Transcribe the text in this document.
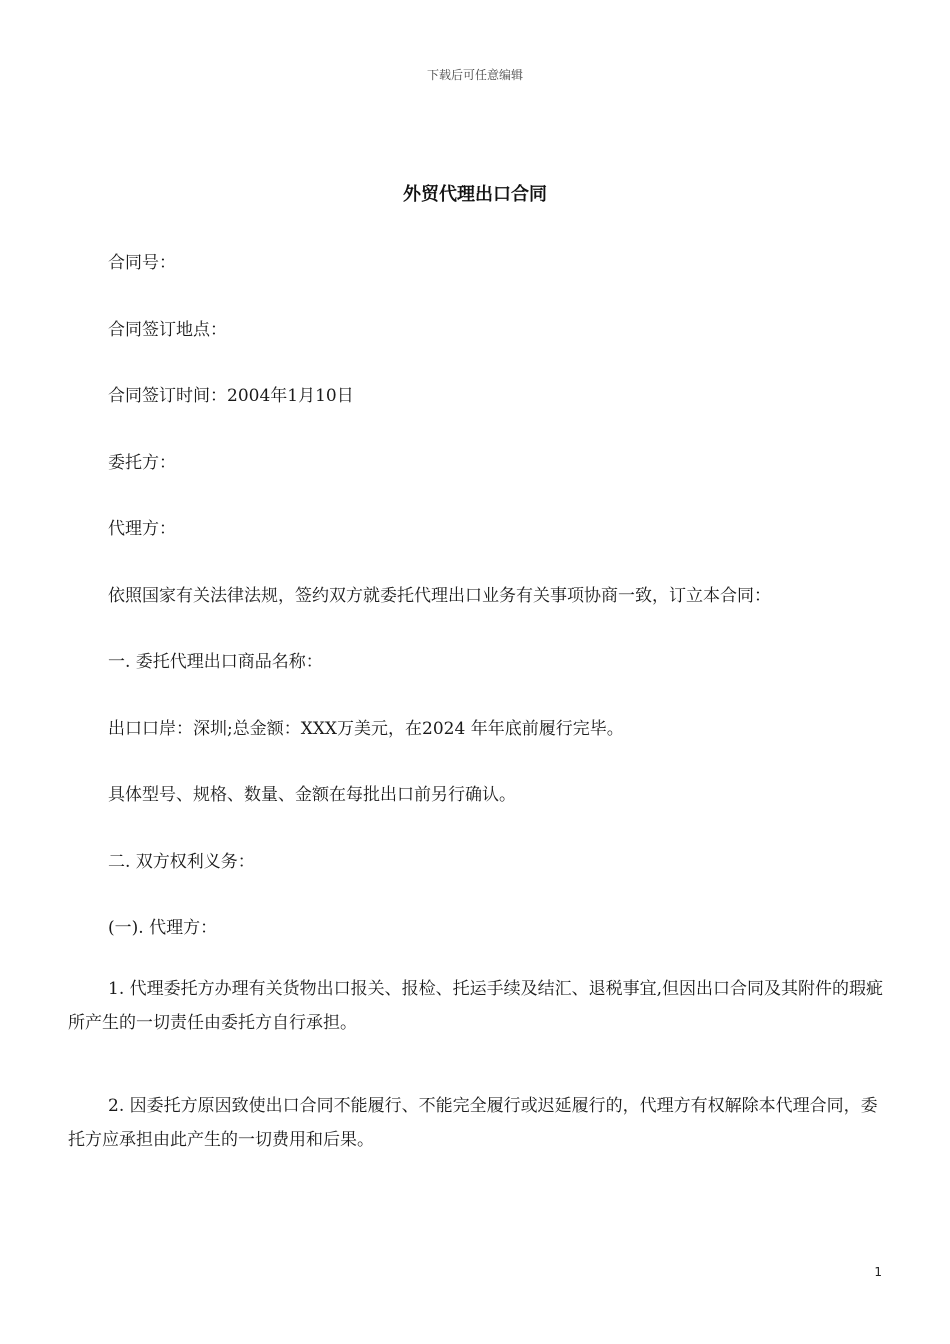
下载后可任意编辑
外贸代理出口合同
合同号：
合同签订地点：
合同签订时间：2004年1月10日
委托方：
代理方：
依照国家有关法律法规，签约双方就委托代理出口业务有关事项协商一致，订立本合同：
一. 委托代理出口商品名称：
出口口岸：深圳;总金额：XXX万美元，在2024 年年底前履行完毕。
具体型号、规格、数量、金额在每批出口前另行确认。
二. 双方权利义务：
(一). 代理方：
1. 代理委托方办理有关货物出口报关、报检、托运手续及结汇、退税事宜,但因出口合同及其附件的瑕疵所产生的一切责任由委托方自行承担。
2. 因委托方原因致使出口合同不能履行、不能完全履行或迟延履行的，代理方有权解除本代理合同，委托方应承担由此产生的一切费用和后果。
1
